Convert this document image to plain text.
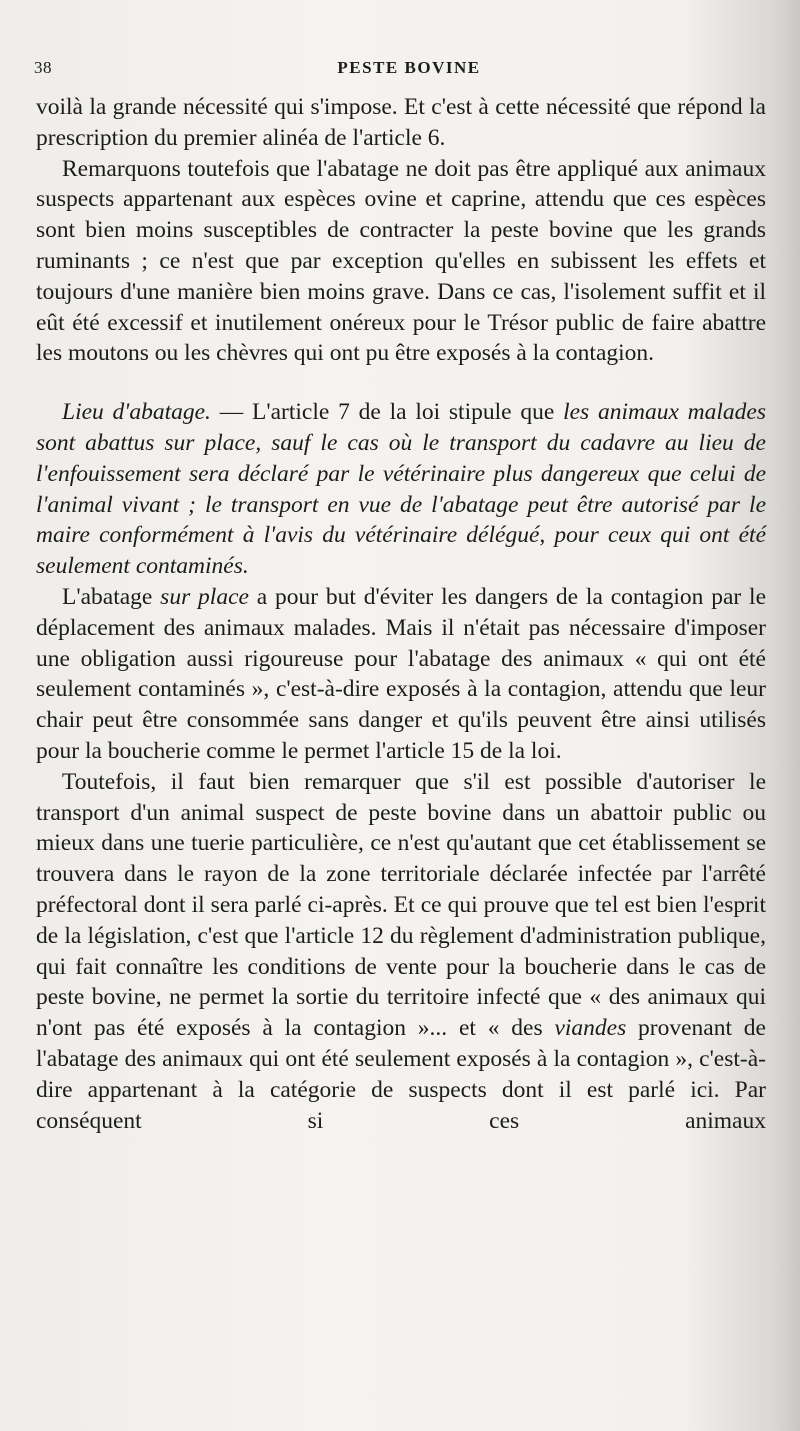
38	PESTE BOVINE

voilà la grande nécessité qui s'impose. Et c'est à cette nécessité que répond la prescription du premier alinéa de l'article 6.

Remarquons toutefois que l'abatage ne doit pas être appliqué aux animaux suspects appartenant aux espèces ovine et caprine, attendu que ces espèces sont bien moins susceptibles de contracter la peste bovine que les grands ruminants ; ce n'est que par exception qu'elles en subissent les effets et toujours d'une manière bien moins grave. Dans ce cas, l'isolement suffit et il eût été excessif et inutilement onéreux pour le Trésor public de faire abattre les moutons ou les chèvres qui ont pu être exposés à la contagion.

Lieu d'abatage. — L'article 7 de la loi stipule que les animaux malades sont abattus sur place, sauf le cas où le transport du cadavre au lieu de l'enfouissement sera déclaré par le vétérinaire plus dangereux que celui de l'animal vivant ; le transport en vue de l'abatage peut être autorisé par le maire conformément à l'avis du vétérinaire délégué, pour ceux qui ont été seulement contaminés.

L'abatage sur place a pour but d'éviter les dangers de la contagion par le déplacement des animaux malades. Mais il n'était pas nécessaire d'imposer une obligation aussi rigoureuse pour l'abatage des animaux « qui ont été seulement contaminés », c'est-à-dire exposés à la contagion, attendu que leur chair peut être consommée sans danger et qu'ils peuvent être ainsi utilisés pour la boucherie comme le permet l'article 15 de la loi.

Toutefois, il faut bien remarquer que s'il est possible d'autoriser le transport d'un animal suspect de peste bovine dans un abattoir public ou mieux dans une tuerie particulière, ce n'est qu'autant que cet établissement se trouvera dans le rayon de la zone territoriale déclarée infectée par l'arrêté préfectoral dont il sera parlé ci-après. Et ce qui prouve que tel est bien l'esprit de la législation, c'est que l'article 12 du règlement d'administration publique, qui fait connaître les conditions de vente pour la boucherie dans le cas de peste bovine, ne permet la sortie du territoire infecté que « des animaux qui n'ont pas été exposés à la contagion »... et « des viandes provenant de l'abatage des animaux qui ont été seulement exposés à la contagion », c'est-à-dire appartenant à la catégorie de suspects dont il est parlé ici. Par conséquent si ces animaux
